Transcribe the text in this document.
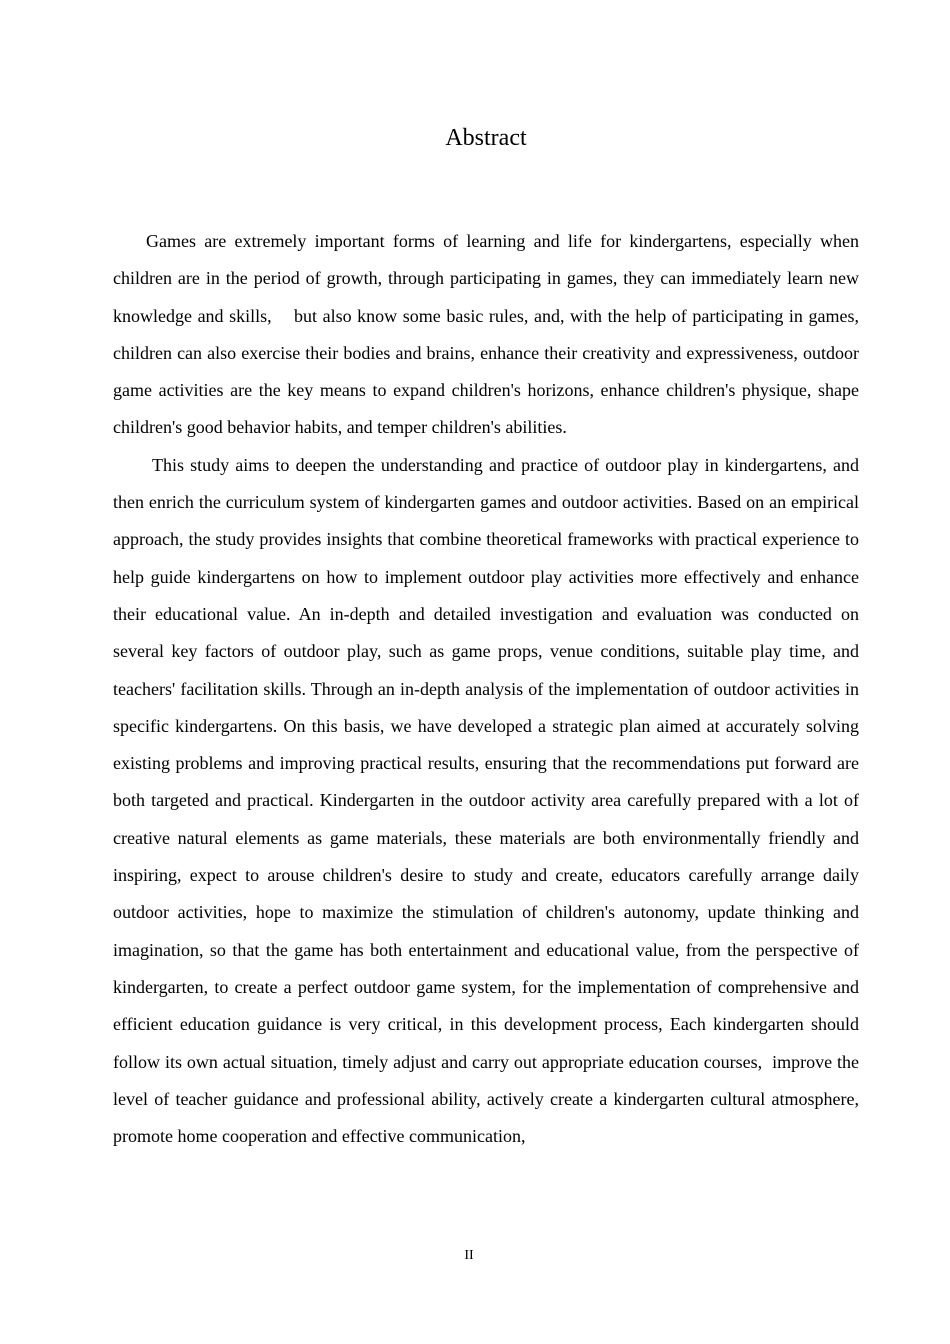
Abstract

Games are extremely important forms of learning and life for kindergartens, especially when children are in the period of growth, through participating in games, they can immediately learn new knowledge and skills,    but also know some basic rules, and, with the help of participating in games, children can also exercise their bodies and brains, enhance their creativity and expressiveness, outdoor game activities are the key means to expand children's horizons, enhance children's physique, shape children's good behavior habits, and temper children's abilities.

This study aims to deepen the understanding and practice of outdoor play in kindergartens, and then enrich the curriculum system of kindergarten games and outdoor activities. Based on an empirical approach, the study provides insights that combine theoretical frameworks with practical experience to help guide kindergartens on how to implement outdoor play activities more effectively and enhance their educational value. An in-depth and detailed investigation and evaluation was conducted on several key factors of outdoor play, such as game props, venue conditions, suitable play time, and teachers' facilitation skills. Through an in-depth analysis of the implementation of outdoor activities in specific kindergartens. On this basis, we have developed a strategic plan aimed at accurately solving existing problems and improving practical results, ensuring that the recommendations put forward are both targeted and practical. Kindergarten in the outdoor activity area carefully prepared with a lot of creative natural elements as game materials, these materials are both environmentally friendly and inspiring, expect to arouse children's desire to study and create, educators carefully arrange daily outdoor activities, hope to maximize the stimulation of children's autonomy, update thinking and imagination, so that the game has both entertainment and educational value, from the perspective of kindergarten, to create a perfect outdoor game system, for the implementation of comprehensive and efficient education guidance is very critical, in this development process, Each kindergarten should follow its own actual situation, timely adjust and carry out appropriate education courses,  improve the level of teacher guidance and professional ability, actively create a kindergarten cultural atmosphere, promote home cooperation and effective communication,

II
